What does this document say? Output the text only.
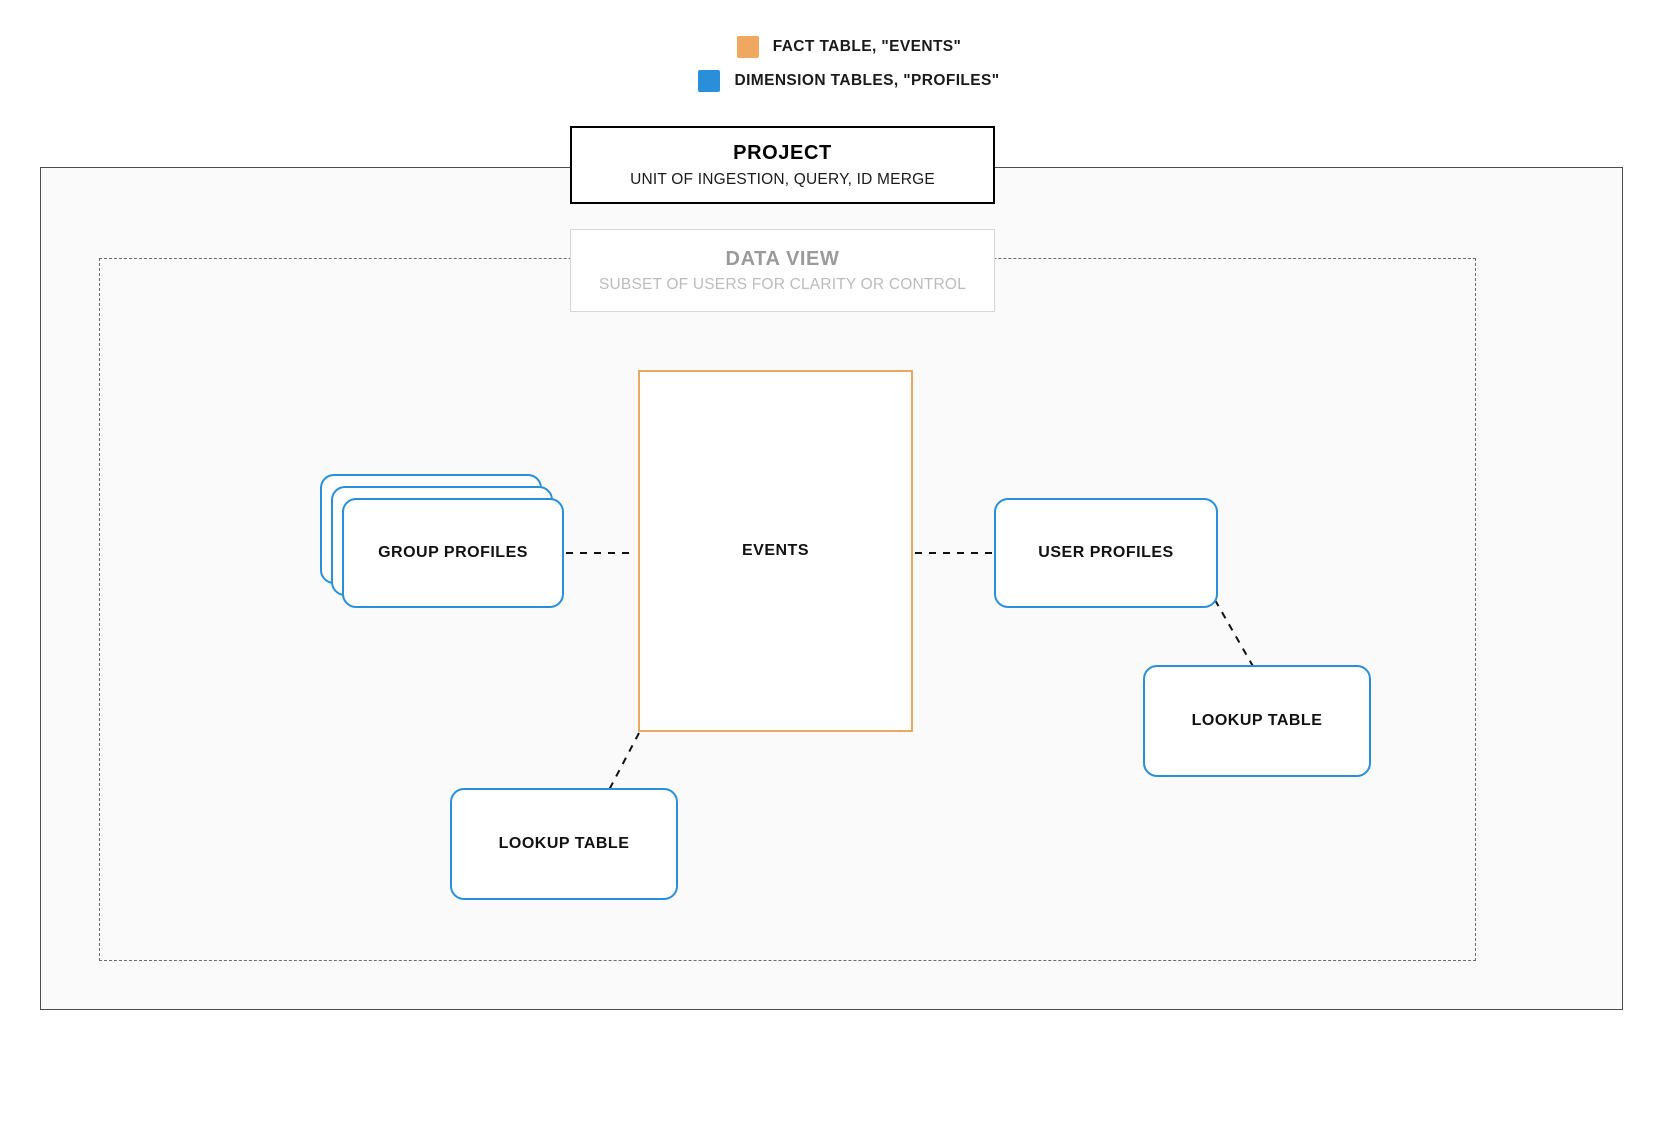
FACT TABLE, "EVENTS"
DIMENSION TABLES, "PROFILES"
EVENTS
GROUP PROFILES	USER PROFILES
LOOKUP TABLE
LOOKUP TABLE
DATA VIEW
SUBSET OF USERS FOR CLARITY OR CONTROL
PROJECT
UNIT OF INGESTION, QUERY, ID MERGE
